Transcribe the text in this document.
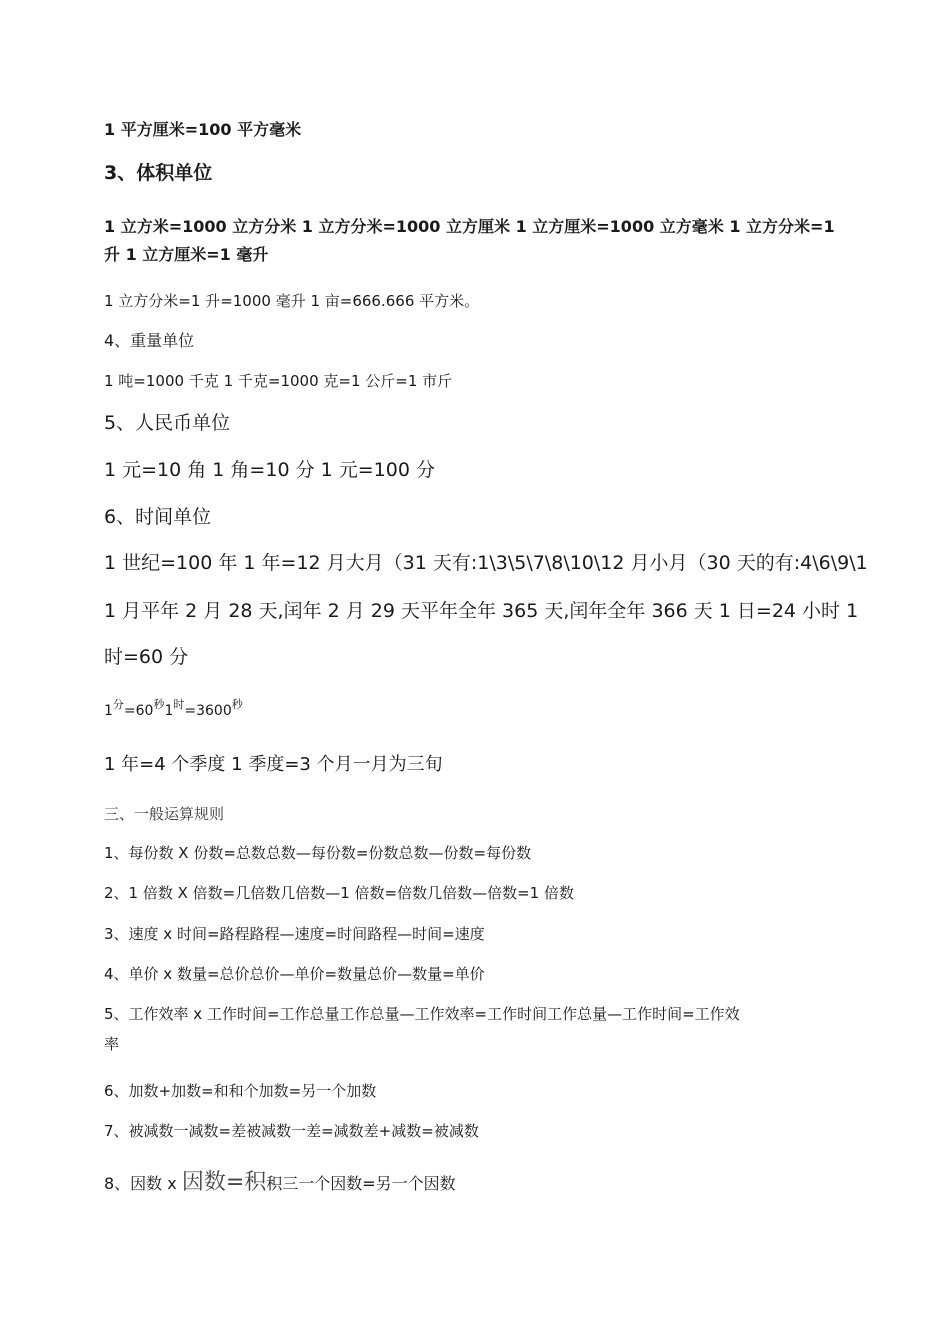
1 平方厘米=100 平方毫米
3、体积单位
1 立方米=1000 立方分米 1 立方分米=1000 立方厘米 1 立方厘米=1000 立方毫米 1 立方分米=1
升 1 立方厘米=1 毫升
1 立方分米=1 升=1000 毫升 1 亩=666.666 平方米。
4、重量单位
1 吨=1000 千克 1 千克=1000 克=1 公斤=1 市斤
5、人民币单位
1 元=10 角 1 角=10 分 1 元=100 分
6、时间单位
1 世纪=100 年 1 年=12 月大月（31 天有:1\3\5\7\8\10\12 月小月（30 天的有:4\6\9\1
1 月平年 2 月 28 天,闰年 2 月 29 天平年全年 365 天,闰年全年 366 天 1 日=24 小时 1
时=60 分
$1^分=60^秒1^时=3600^秒$
1 年=4 个季度 1 季度=3 个月一月为三旬
三、一般运算规则
1、每份数 X 份数=总数总数—每份数=份数总数—份数=每份数
2、1 倍数 X 倍数=几倍数几倍数—1 倍数=倍数几倍数—倍数=1 倍数
3、速度 x 时间=路程路程—速度=时间路程—时间=速度
4、单价 x 数量=总价总价—单价=数量总价—数量=单价
5、工作效率 x 工作时间=工作总量工作总量—工作效率=工作时间工作总量—工作时间=工作效
率
6、加数+加数=和和个加数=另一个加数
7、被减数一减数=差被减数一差=减数差+减数=被减数
8、因数 x 因数=积积三一个因数=另一个因数
